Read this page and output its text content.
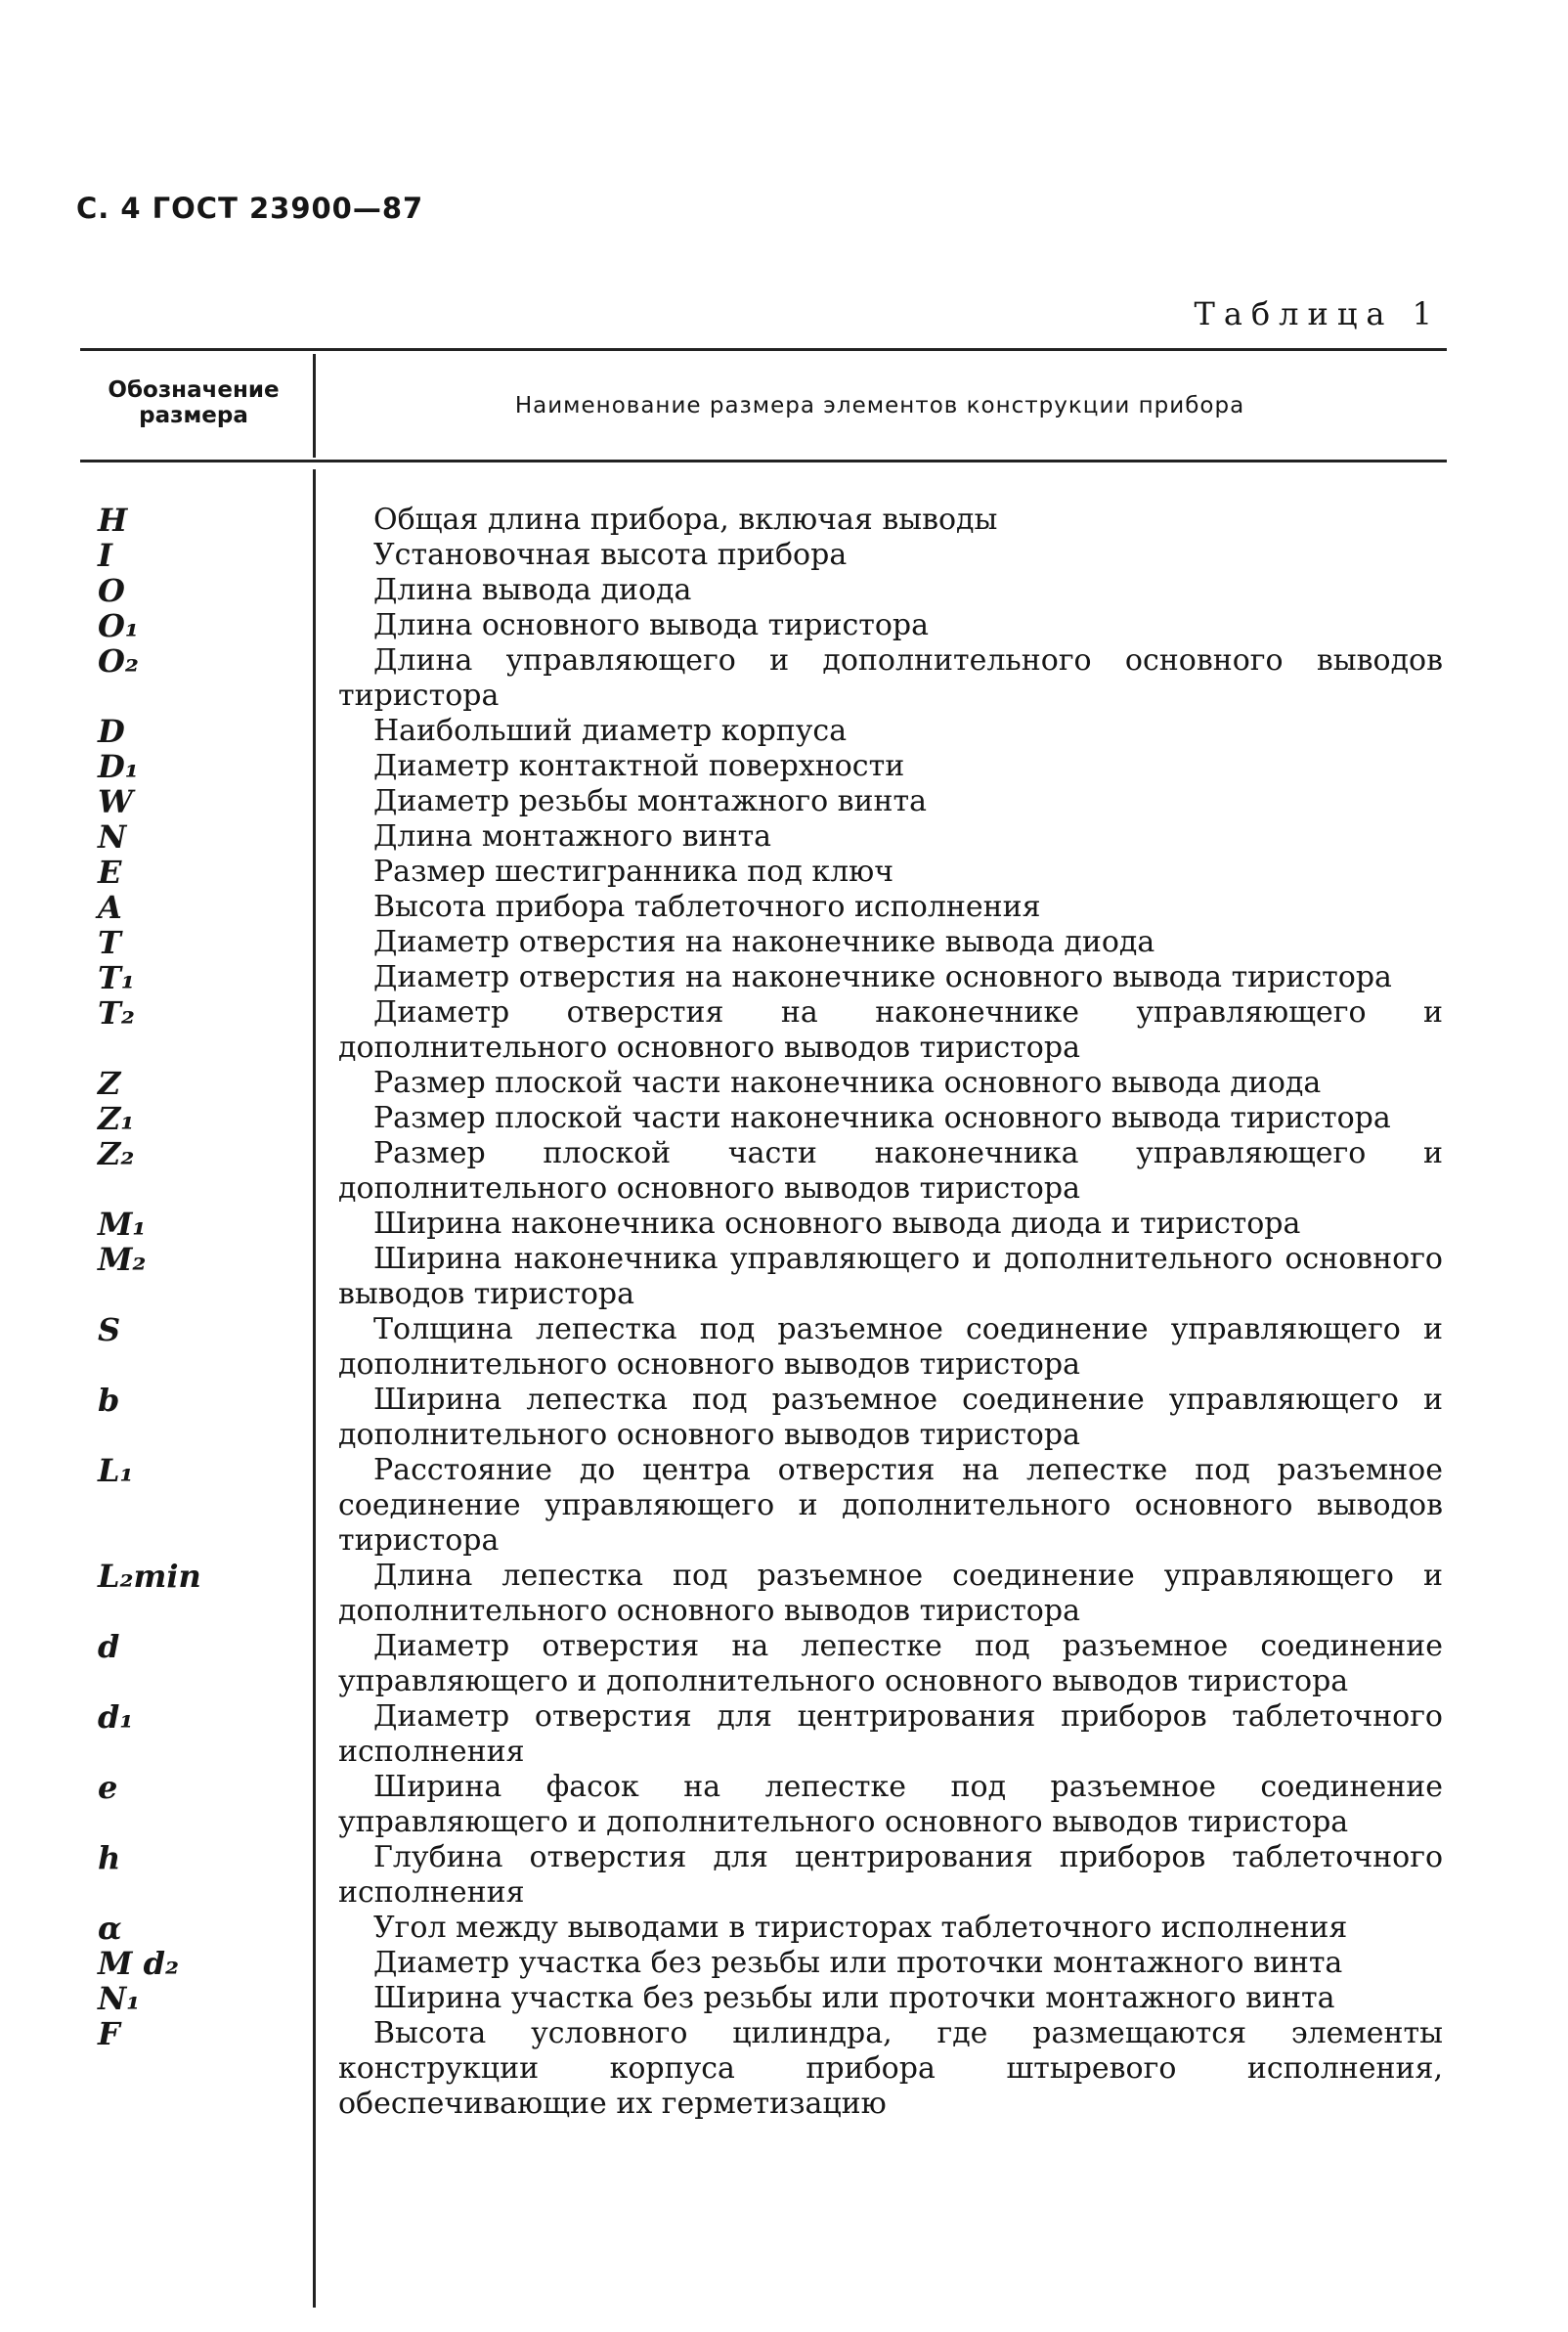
С. 4 ГОСТ 23900—87
Таблица 1
Обозначение размера	Наименование размера элементов конструкции прибора
H	Общая длина прибора, включая выводы
I	Установочная высота прибора
O	Длина вывода диода
O₁	Длина основного вывода тиристора
O₂	Длина управляющего и дополнительного основного выводов тиристора
D	Наибольший диаметр корпуса
D₁	Диаметр контактной поверхности
W	Диаметр резьбы монтажного винта
N	Длина монтажного винта
E	Размер шестигранника под ключ
A	Высота прибора таблеточного исполнения
T	Диаметр отверстия на наконечнике вывода диода
T₁	Диаметр отверстия на наконечнике основного вывода тиристора
T₂	Диаметр отверстия на наконечнике управляющего и дополнительного основного выводов тиристора
Z	Размер плоской части наконечника основного вывода диода
Z₁	Размер плоской части наконечника основного вывода тиристора
Z₂	Размер плоской части наконечника управляющего и дополнительного основного выводов тиристора
M₁	Ширина наконечника основного вывода диода и тиристора
M₂	Ширина наконечника управляющего и дополнительного основного выводов тиристора
S	Толщина лепестка под разъемное соединение управляющего и дополнительного основного выводов тиристора
b	Ширина лепестка под разъемное соединение управляющего и дополнительного основного выводов тиристора
L₁	Расстояние до центра отверстия на лепестке под разъемное соединение управляющего и дополнительного основного выводов тиристора
L₂min	Длина лепестка под разъемное соединение управляющего и дополнительного основного выводов тиристора
d	Диаметр отверстия на лепестке под разъемное соединение управляющего и дополнительного основного выводов тиристора
d₁	Диаметр отверстия для центрирования приборов таблеточного исполнения
e	Ширина фасок на лепестке под разъемное соединение управляющего и дополнительного основного выводов тиристора
h	Глубина отверстия для центрирования приборов таблеточного исполнения
α	Угол между выводами в тиристорах таблеточного исполнения
M d₂	Диаметр участка без резьбы или проточки монтажного винта
N₁	Ширина участка без резьбы или проточки монтажного винта
F	Высота условного цилиндра, где размещаются элементы конструкции корпуса прибора штыревого исполнения, обеспечивающие их герметизацию
